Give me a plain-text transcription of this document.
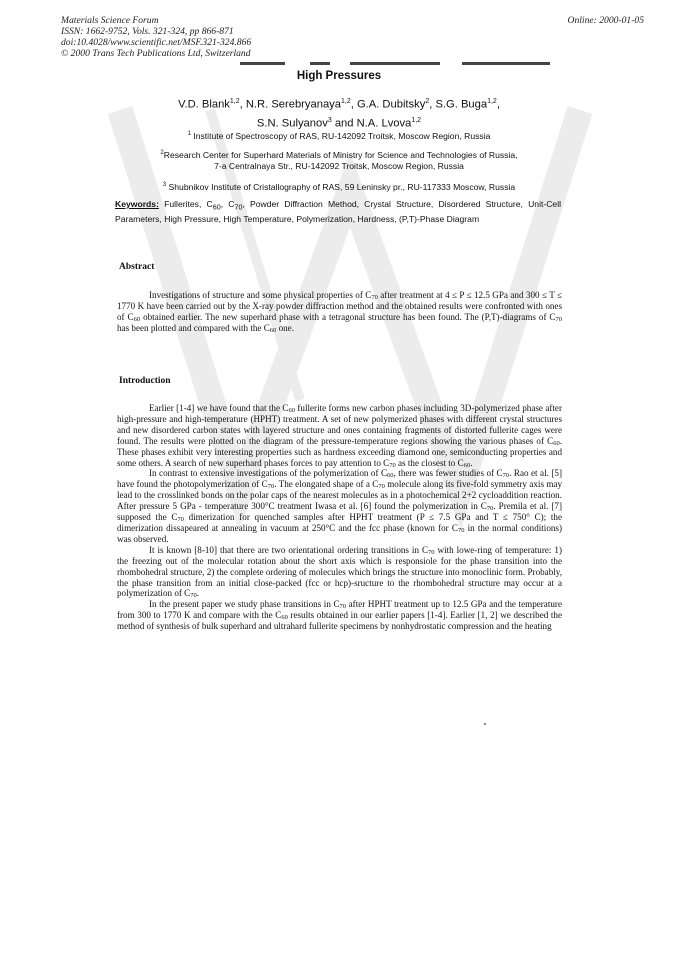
Materials Science Forum
ISSN: 1662-9752, Vols. 321-324, pp 866-871
doi:10.4028/www.scientific.net/MSF.321-324.866
© 2000 Trans Tech Publications Ltd, Switzerland
Online: 2000-01-05
High Pressures
V.D. Blank$^{1,2}$, N.R. Serebryanaya$^{1,2}$, G.A. Dubitsky$^2$, S.G. Buga$^{1,2}$,
S.N. Sulyanov$^3$ and N.A. Lvova$^{1,2}$
$^1$ Institute of Spectroscopy of RAS, RU-142092 Troitsk, Moscow Region, Russia
$^2$Research Center for Superhard Materials of Ministry for Science and Technologies of Russia,
7-a Centralnaya Str., RU-142092 Troitsk, Moscow Region, Russia
$^3$ Shubnikov Institute of Cristallography of RAS, 59 Leninsky pr., RU-117333 Moscow, Russia
Keywords: Fullerites, $C_{60}$, $C_{70}$, Powder Diffraction Method, Crystal Structure, Disordered Structure, Unit-Cell Parameters, High Pressure, High Temperature, Polymerization, Hardness, (P,T)-Phase Diagram
Abstract

Investigations of structure and some physical properties of $C_{70}$ after treatment at 4 ≤ P ≤ 12.5 GPa and 300 ≤ T ≤ 1770 K have been carried out by the X-ray powder diffraction method and the obtained results were confronted with ones of $C_{60}$ obtained earlier. The new superhard phase with a tetragonal structure has been found. The (P,T)-diagrams of $C_{70}$ has been plotted and compared with the $C_{60}$ one.

Introduction

Earlier [1-4] we have found that the $C_{60}$ fullerite forms new carbon phases including 3D-polymerized phase after high-pressure and high-temperature (HPHT) treatment. A set of new polymerized phases with different crystal structures and new disordered carbon states with layered structure and ones containing fragments of distorted fullerite cages were found. The results were plotted on the diagram of the pressure-temperature regions showing the various phases of $C_{60}$. These phases exhibit very interesting properties such as hardness exceeding diamond one, semiconducting properties and some others. A search of new superhard phases forces to pay attention to $C_{70}$ as the closest to $C_{60}$.

In contrast to extensive investigations of the polymerization of $C_{60}$, there was fewer studies of $C_{70}$. Rao et al. [5] have found the photopolymerization of $C_{70}$. The elongated shape of a $C_{70}$ molecule along its five-fold symmetry axis may lead to the crosslinked bonds on the polar caps of the nearest molecules as in a photochemical 2+2 cycloaddition reaction. After pressure 5 GPa - temperature 300°C treatment Iwasa et al. [6] found the polymerization in $C_{70}$. Premila et al. [7] supposed the $C_{70}$ dimerization for quenched samples after HPHT treatment (P ≤ 7.5 GPa and T ≤ 750° C); the dimerization dissapeared at annealing in vacuum at 250°C and the fcc phase (known for $C_{70}$ in the normal conditions) was observed.

It is known [8-10] that there are two orientational ordering transitions in $C_{70}$ with lowe-ring of temperature: 1) the freezing out of the molecular rotation about the short axis which is responsiole for the phase transition into the rhombohedral structure, 2) the complete ordering of molecules which brings the structure into monoclinic form. Probably, the phase transition from an initial close-packed (fcc or hcp)-sructure to the rhombohedral structure may occur at a polymerization of $C_{70}$.

In the present paper we study phase transitions in $C_{70}$ after HPHT treatment up to 12.5 GPa and the temperature from 300 to 1770 K and compare with the $C_{60}$ results obtained in our earlier papers [1-4]. Earlier [1, 2] we described the method of synthesis of bulk superhard and ultrahard fullerite specimens by nonhydrostatic compression and the heating
